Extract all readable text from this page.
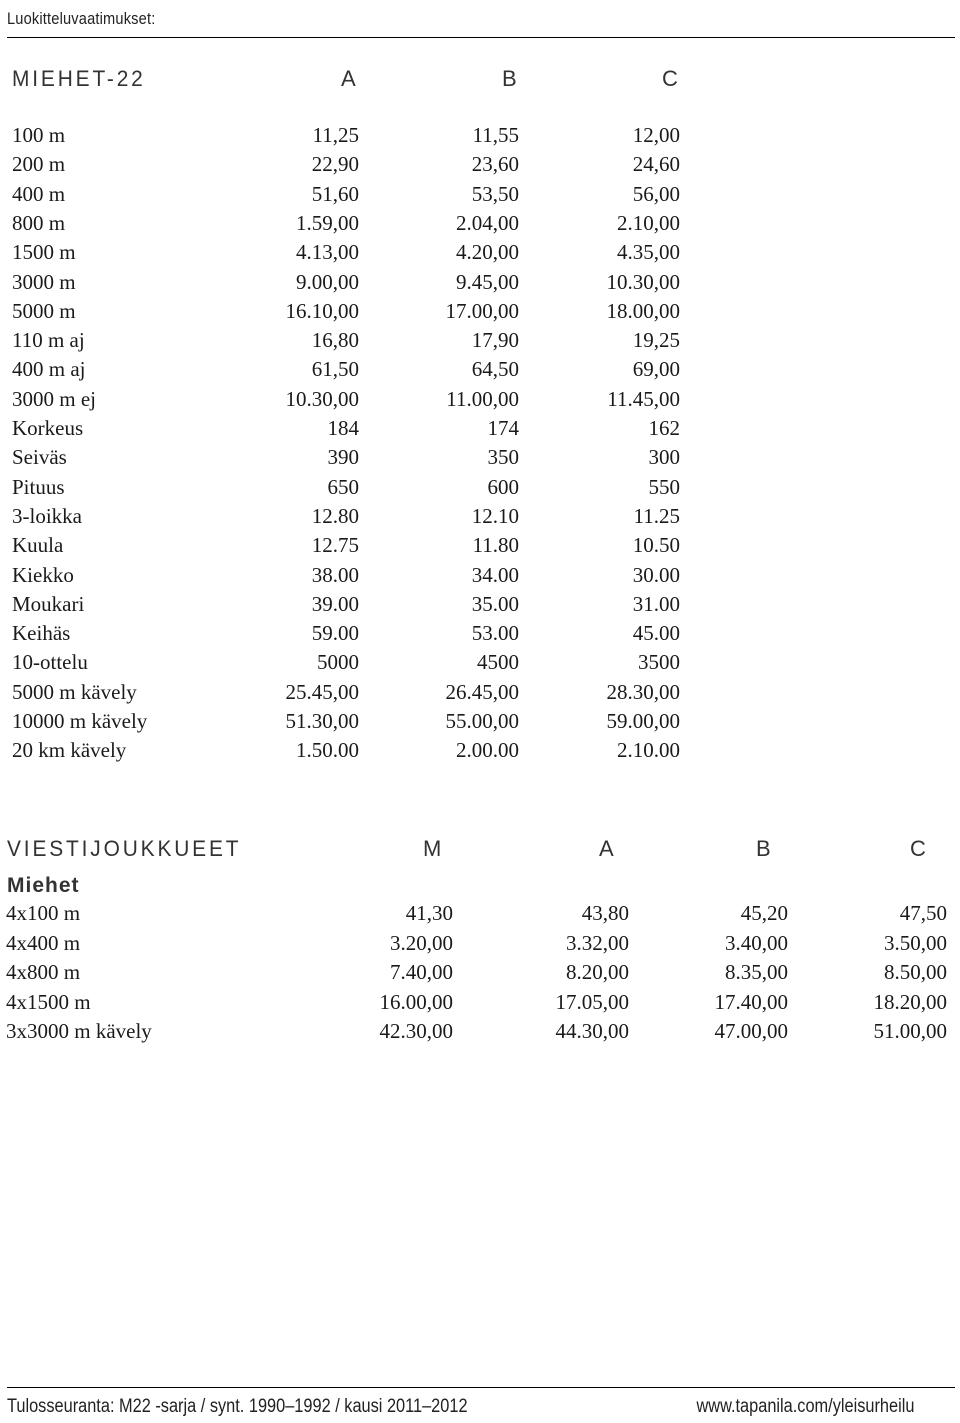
Luokitteluvaatimukset:
MIEHET-22	A	B	C
100 m	11,25	11,55	12,00
200 m	22,90	23,60	24,60
400 m	51,60	53,50	56,00
800 m	1.59,00	2.04,00	2.10,00
1500 m	4.13,00	4.20,00	4.35,00
3000 m	9.00,00	9.45,00	10.30,00
5000 m	16.10,00	17.00,00	18.00,00
110 m aj	16,80	17,90	19,25
400 m aj	61,50	64,50	69,00
3000 m ej	10.30,00	11.00,00	11.45,00
Korkeus	184	174	162
Seiväs	390	350	300
Pituus	650	600	550
3-loikka	12.80	12.10	11.25
Kuula	12.75	11.80	10.50
Kiekko	38.00	34.00	30.00
Moukari	39.00	35.00	31.00
Keihäs	59.00	53.00	45.00
10-ottelu	5000	4500	3500
5000 m kävely	25.45,00	26.45,00	28.30,00
10000 m kävely	51.30,00	55.00,00	59.00,00
20 km kävely	1.50.00	2.00.00	2.10.00
VIESTIJOUKKUEET	M	A	B	C
Miehet
4x100 m	41,30	43,80	45,20	47,50
4x400 m	3.20,00	3.32,00	3.40,00	3.50,00
4x800 m	7.40,00	8.20,00	8.35,00	8.50,00
4x1500 m	16.00,00	17.05,00	17.40,00	18.20,00
3x3000 m kävely	42.30,00	44.30,00	47.00,00	51.00,00
Tulosseuranta: M22 -sarja / synt. 1990–1992 / kausi 2011–2012	www.tapanila.com/yleisurheilu
